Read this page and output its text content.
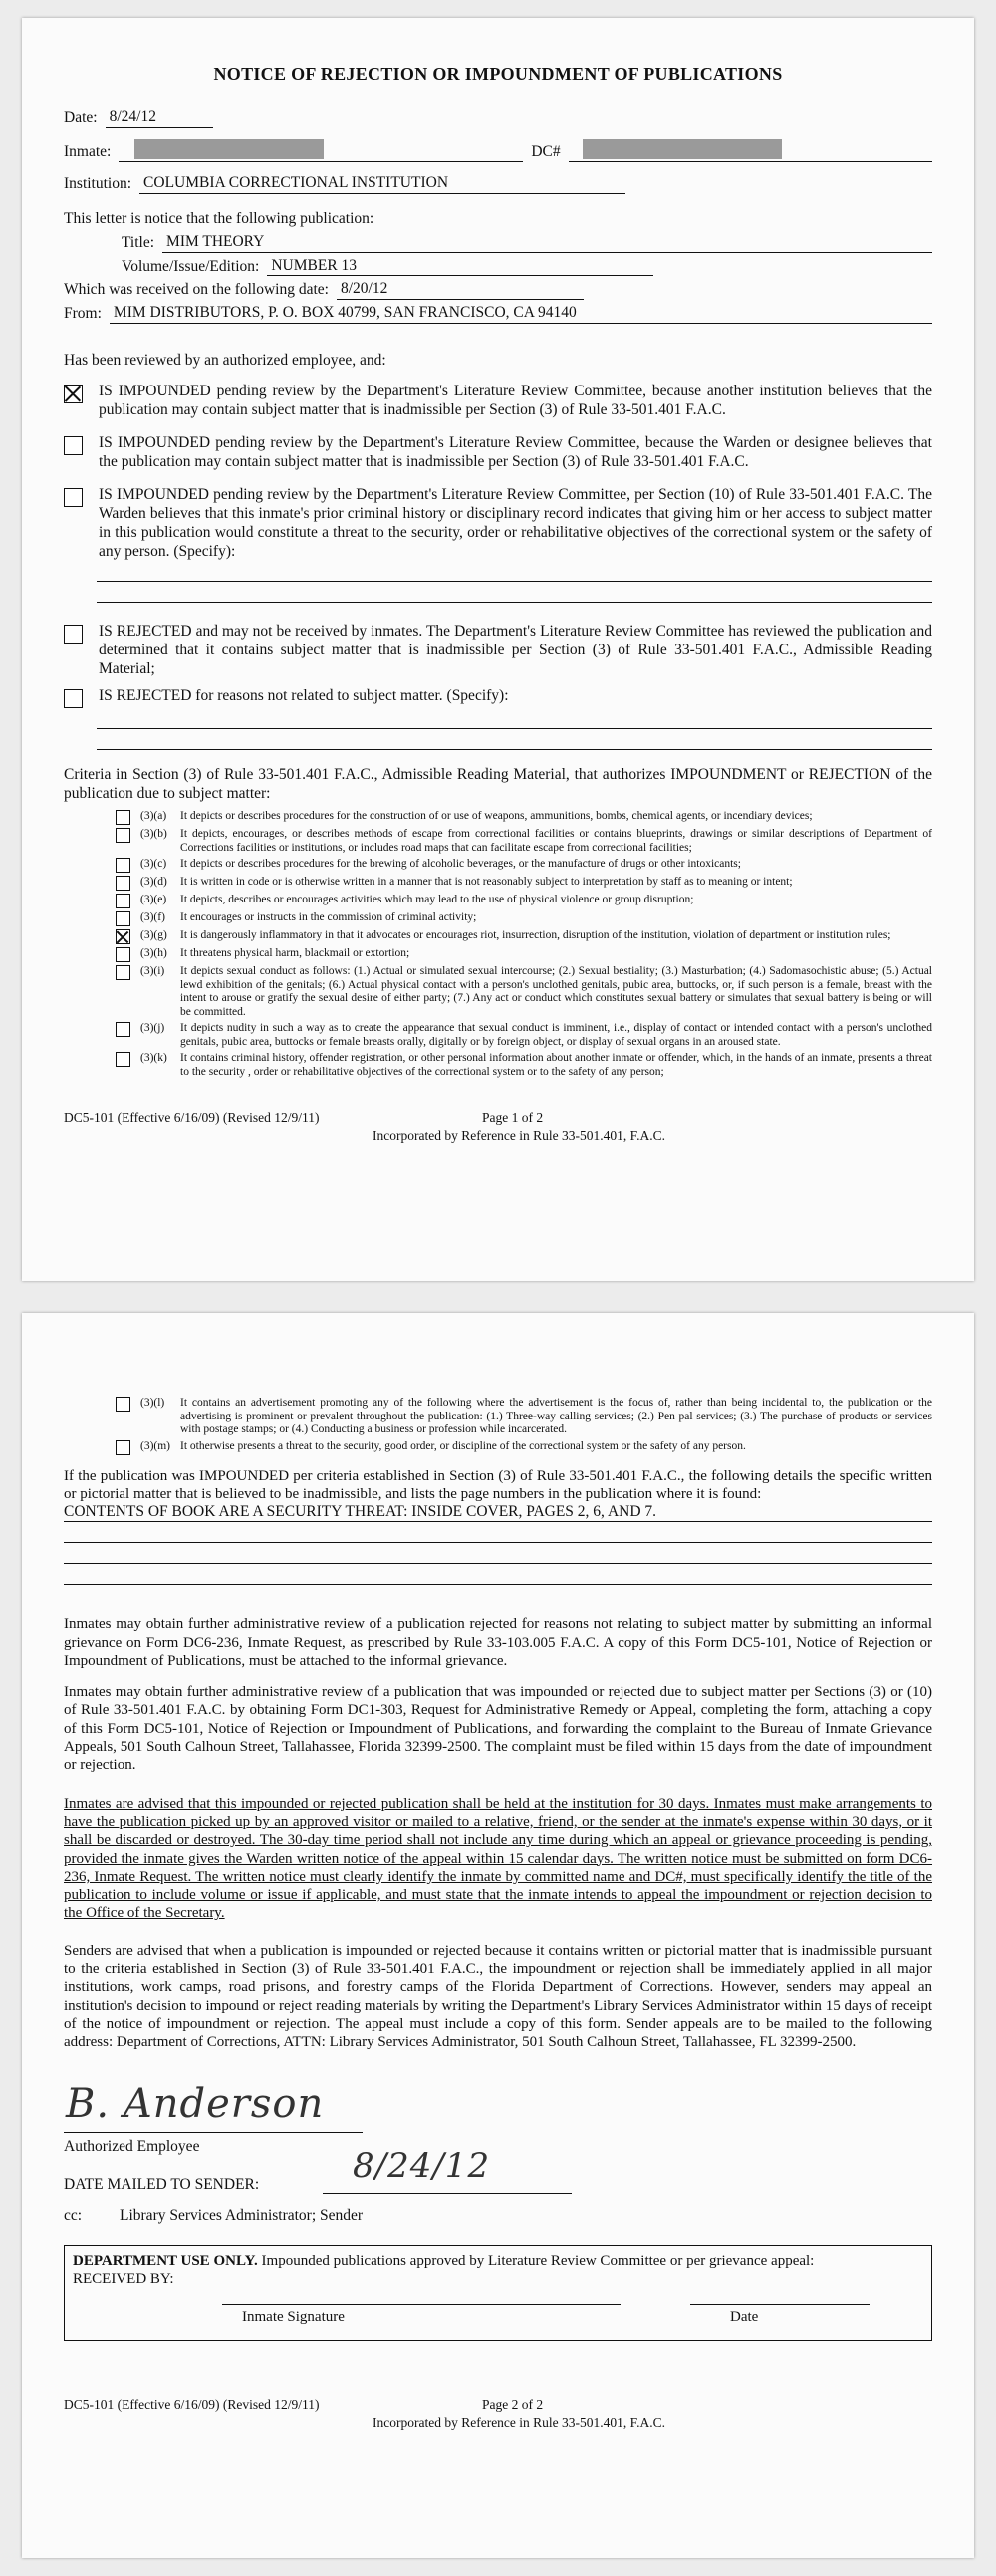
NOTICE OF REJECTION OR IMPOUNDMENT OF PUBLICATIONS
Date: 8/24/12
Inmate:	DC#
Institution: COLUMBIA CORRECTIONAL INSTITUTION
This letter is notice that the following publication:
Title: MIM THEORY
Volume/Issue/Edition: NUMBER 13
Which was received on the following date: 8/20/12
From: MIM DISTRIBUTORS, P. O. BOX 40799, SAN FRANCISCO, CA 94140
Has been reviewed by an authorized employee, and:
IS IMPOUNDED pending review by the Department's Literature Review Committee, because another institution believes that the publication may contain subject matter that is inadmissible per Section (3) of Rule 33-501.401 F.A.C.
IS IMPOUNDED pending review by the Department's Literature Review Committee, because the Warden or designee believes that the publication may contain subject matter that is inadmissible per Section (3) of Rule 33-501.401 F.A.C.
IS IMPOUNDED pending review by the Department's Literature Review Committee, per Section (10) of Rule 33-501.401 F.A.C. The Warden believes that this inmate's prior criminal history or disciplinary record indicates that giving him or her access to subject matter in this publication would constitute a threat to the security, order or rehabilitative objectives of the correctional system or the safety of any person. (Specify):
IS REJECTED and may not be received by inmates. The Department's Literature Review Committee has reviewed the publication and determined that it contains subject matter that is inadmissible per Section (3) of Rule 33-501.401 F.A.C., Admissible Reading Material;
IS REJECTED for reasons not related to subject matter. (Specify):
Criteria in Section (3) of Rule 33-501.401 F.A.C., Admissible Reading Material, that authorizes IMPOUNDMENT or REJECTION of the publication due to subject matter:
(3)(a)	It depicts or describes procedures for the construction of or use of weapons, ammunitions, bombs, chemical agents, or incendiary devices;
(3)(b)	It depicts, encourages, or describes methods of escape from correctional facilities or contains blueprints, drawings or similar descriptions of Department of Corrections facilities or institutions, or includes road maps that can facilitate escape from correctional facilities;
(3)(c)	It depicts or describes procedures for the brewing of alcoholic beverages, or the manufacture of drugs or other intoxicants;
(3)(d)	It is written in code or is otherwise written in a manner that is not reasonably subject to interpretation by staff as to meaning or intent;
(3)(e)	It depicts, describes or encourages activities which may lead to the use of physical violence or group disruption;
(3)(f)	It encourages or instructs in the commission of criminal activity;
(3)(g)	It is dangerously inflammatory in that it advocates or encourages riot, insurrection, disruption of the institution, violation of department or institution rules;
(3)(h)	It threatens physical harm, blackmail or extortion;
(3)(i)	It depicts sexual conduct as follows: (1.) Actual or simulated sexual intercourse; (2.) Sexual bestiality; (3.) Masturbation; (4.) Sadomasochistic abuse; (5.) Actual lewd exhibition of the genitals; (6.) Actual physical contact with a person's unclothed genitals, pubic area, buttocks, or, if such person is a female, breast with the intent to arouse or gratify the sexual desire of either party; (7.) Any act or conduct which constitutes sexual battery or simulates that sexual battery is being or will be committed.
(3)(j)	It depicts nudity in such a way as to create the appearance that sexual conduct is imminent, i.e., display of contact or intended contact with a person's unclothed genitals, pubic area, buttocks or female breasts orally, digitally or by foreign object, or display of sexual organs in an aroused state.
(3)(k)	It contains criminal history, offender registration, or other personal information about another inmate or offender, which, in the hands of an inmate, presents a threat to the security , order or rehabilitative objectives of the correctional system or to the safety of any person;
DC5-101 (Effective 6/16/09) (Revised 12/9/11)	Page 1 of 2
Incorporated by Reference in Rule 33-501.401, F.A.C.
(3)(l)	It contains an advertisement promoting any of the following where the advertisement is the focus of, rather than being incidental to, the publication or the advertising is prominent or prevalent throughout the publication: (1.) Three-way calling services; (2.) Pen pal services; (3.) The purchase of products or services with postage stamps; or (4.) Conducting a business or profession while incarcerated.
(3)(m) It otherwise presents a threat to the security, good order, or discipline of the correctional system or the safety of any person.
If the publication was IMPOUNDED per criteria established in Section (3) of Rule 33-501.401 F.A.C., the following details the specific written or pictorial matter that is believed to be inadmissible, and lists the page numbers in the publication where it is found:
CONTENTS OF BOOK ARE A SECURITY THREAT: INSIDE COVER, PAGES 2, 6, AND 7.
Inmates may obtain further administrative review of a publication rejected for reasons not relating to subject matter by submitting an informal grievance on Form DC6-236, Inmate Request, as prescribed by Rule 33-103.005 F.A.C. A copy of this Form DC5-101, Notice of Rejection or Impoundment of Publications, must be attached to the informal grievance.
Inmates may obtain further administrative review of a publication that was impounded or rejected due to subject matter per Sections (3) or (10) of Rule 33-501.401 F.A.C. by obtaining Form DC1-303, Request for Administrative Remedy or Appeal, completing the form, attaching a copy of this Form DC5-101, Notice of Rejection or Impoundment of Publications, and forwarding the complaint to the Bureau of Inmate Grievance Appeals, 501 South Calhoun Street, Tallahassee, Florida 32399-2500. The complaint must be filed within 15 days from the date of impoundment or rejection.
Inmates are advised that this impounded or rejected publication shall be held at the institution for 30 days. Inmates must make arrangements to have the publication picked up by an approved visitor or mailed to a relative, friend, or the sender at the inmate's expense within 30 days, or it shall be discarded or destroyed. The 30-day time period shall not include any time during which an appeal or grievance proceeding is pending, provided the inmate gives the Warden written notice of the appeal within 15 calendar days. The written notice must be submitted on form DC6-236, Inmate Request. The written notice must clearly identify the inmate by committed name and DC#, must specifically identify the title of the publication to include volume or issue if applicable, and must state that the inmate intends to appeal the impoundment or rejection decision to the Office of the Secretary.
Senders are advised that when a publication is impounded or rejected because it contains written or pictorial matter that is inadmissible pursuant to the criteria established in Section (3) of Rule 33-501.401 F.A.C., the impoundment or rejection shall be immediately applied in all major institutions, work camps, road prisons, and forestry camps of the Florida Department of Corrections. However, senders may appeal an institution's decision to impound or reject reading materials by writing the Department's Library Services Administrator within 15 days of receipt of the notice of impoundment or rejection. The appeal must include a copy of this form. Sender appeals are to be mailed to the following address: Department of Corrections, ATTN: Library Services Administrator, 501 South Calhoun Street, Tallahassee, FL 32399-2500.
B. Anderson
Authorized Employee
DATE MAILED TO SENDER:	8/24/12
cc: Library Services Administrator; Sender
DEPARTMENT USE ONLY. Impounded publications approved by Literature Review Committee or per grievance appeal:
RECEIVED BY:
Inmate Signature	Date
DC5-101 (Effective 6/16/09) (Revised 12/9/11)	Page 2 of 2
Incorporated by Reference in Rule 33-501.401, F.A.C.
